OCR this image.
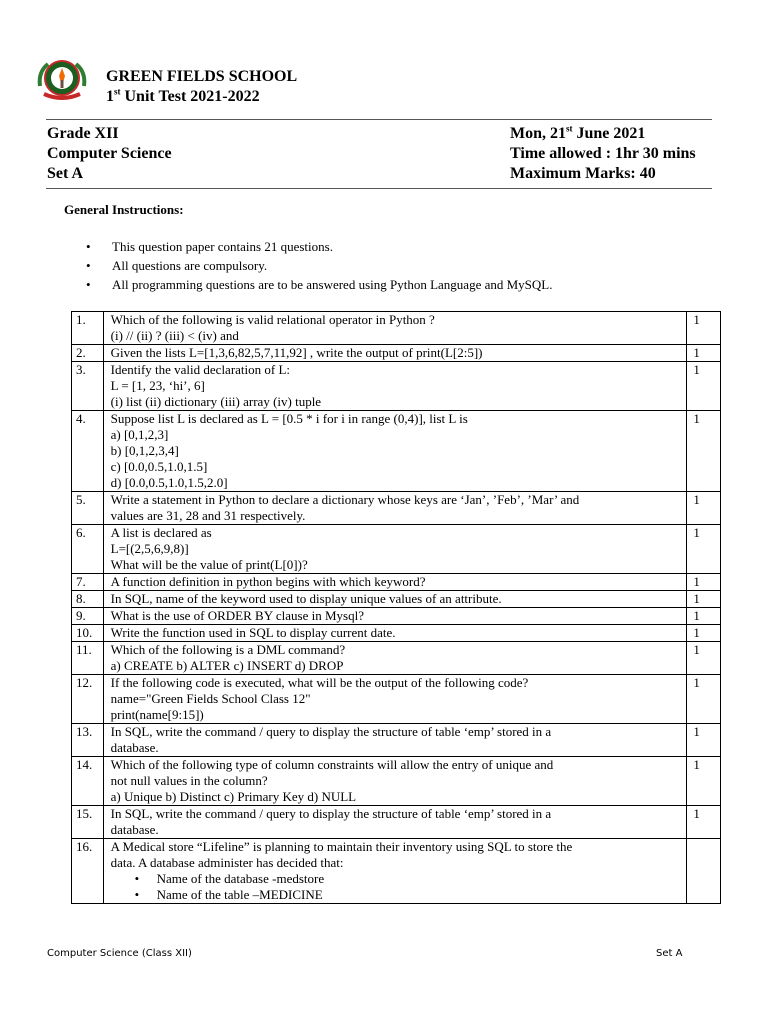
GREEN FIELDS SCHOOL
1st Unit Test 2021-2022
Grade XII
Computer Science
Set A
Mon, 21st June 2021
Time allowed : 1hr 30 mins
Maximum Marks: 40
General Instructions:
• This question paper contains 21 questions.
• All questions are compulsory.
• All programming questions are to be answered using Python Language and MySQL.
1.	Which of the following is valid relational operator in Python ?
(i) // (ii) ? (iii) < (iv) and	1
2.	Given the lists L=[1,3,6,82,5,7,11,92] , write the output of print(L[2:5])	1
3.	Identify the valid declaration of L:
L = [1, 23, ‘hi’, 6]
(i) list (ii) dictionary (iii) array (iv) tuple	1
4.	Suppose list L is declared as L = [0.5 * i for i in range (0,4)], list L is
a) [0,1,2,3]
b) [0,1,2,3,4]
c) [0.0,0.5,1.0,1.5]
d) [0.0,0.5,1.0,1.5,2.0]	1
5.	Write a statement in Python to declare a dictionary whose keys are ‘Jan’, ’Feb’, ’Mar’ and
values are 31, 28 and 31 respectively.	1
6.	A list is declared as
L=[(2,5,6,9,8)]
What will be the value of print(L[0])?	1
7.	A function definition in python begins with which keyword?	1
8.	In SQL, name of the keyword used to display unique values of an attribute.	1
9.	What is the use of ORDER BY clause in Mysql?	1
10.	Write the function used in SQL to display current date.	1
11.	Which of the following is a DML command?
a) CREATE b) ALTER c) INSERT d) DROP	1
12.	If the following code is executed, what will be the output of the following code?
name="Green Fields School Class 12"
print(name[9:15])	1
13.	In SQL, write the command / query to display the structure of table ‘emp’ stored in a
database.	1
14.	Which of the following type of column constraints will allow the entry of unique and
not null values in the column?
a) Unique b) Distinct c) Primary Key d) NULL	1
15.	In SQL, write the command / query to display the structure of table ‘emp’ stored in a
database.	1
16.	A Medical store “Lifeline” is planning to maintain their inventory using SQL to store the
data. A database administer has decided that:
• Name of the database -medstore
• Name of the table –MEDICINE

Computer Science (Class XII)	Set A
